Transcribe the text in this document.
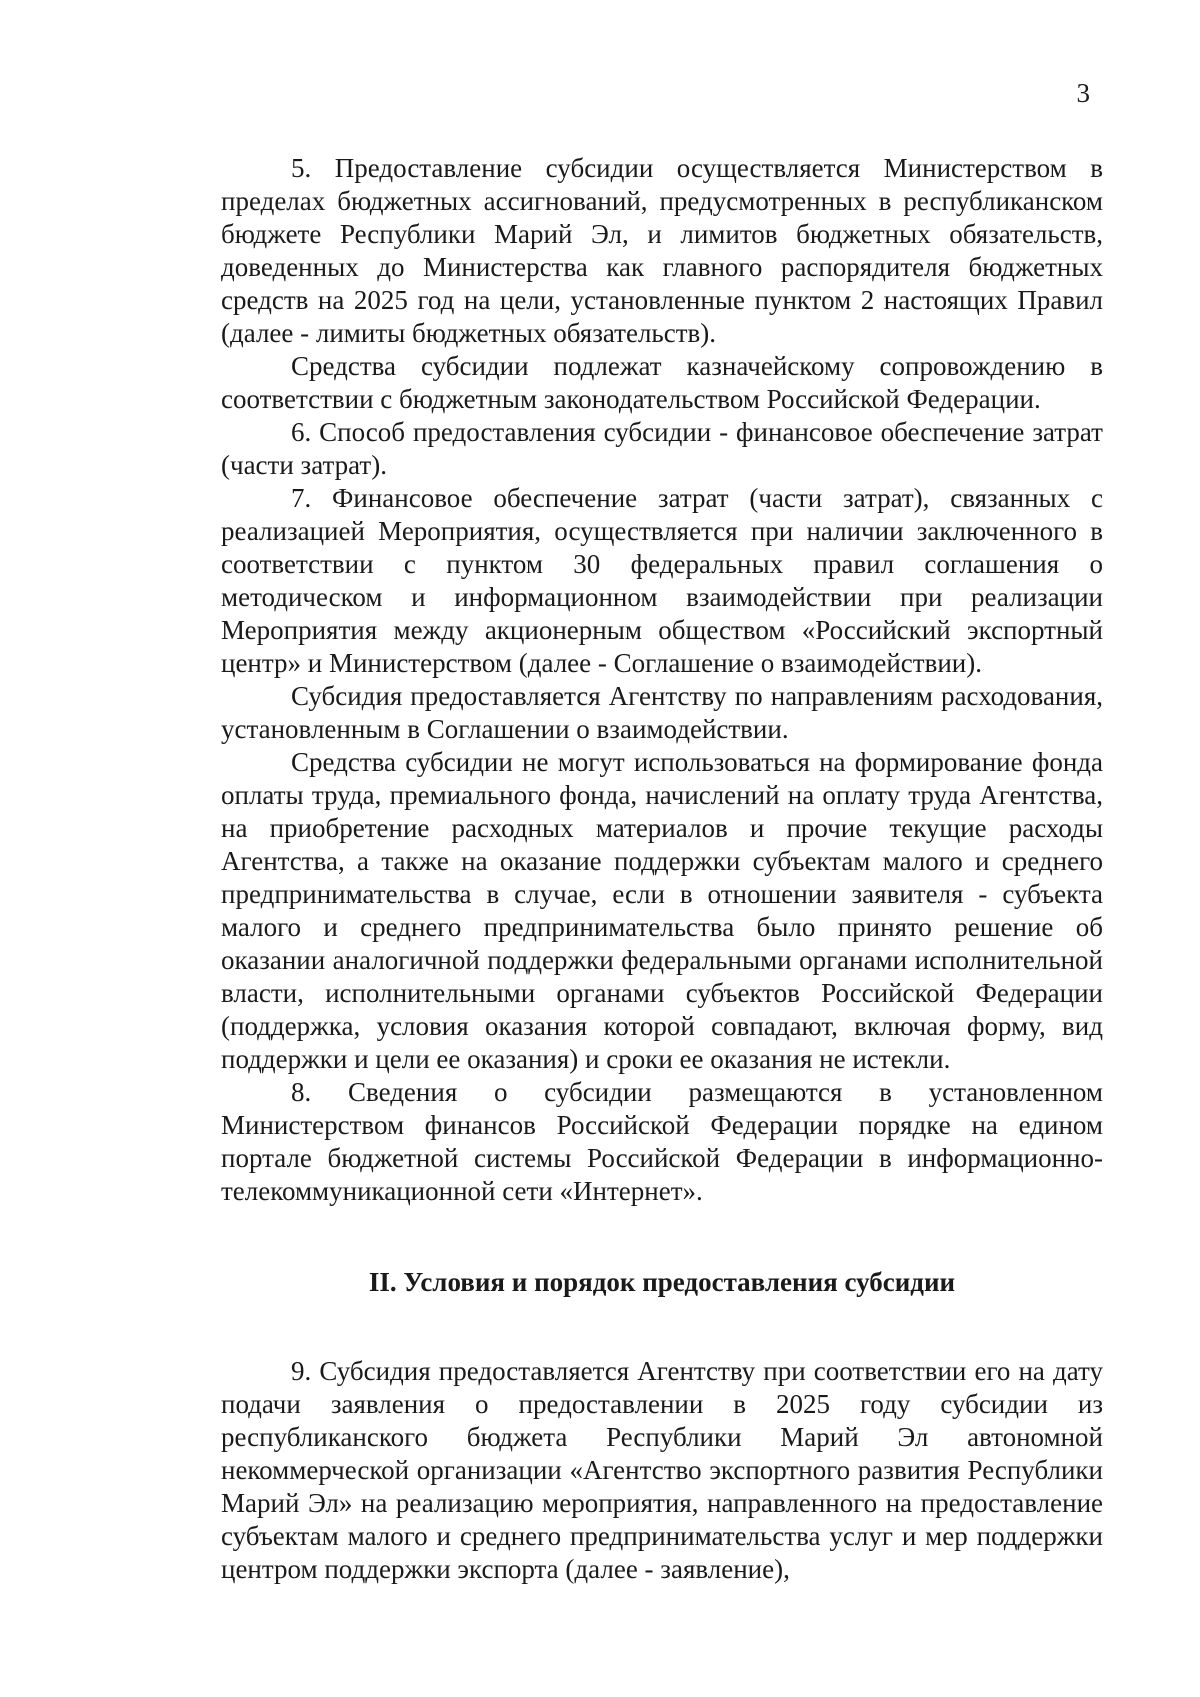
3

5. Предоставление субсидии осуществляется Министерством в пределах бюджетных ассигнований, предусмотренных в республиканском бюджете Республики Марий Эл, и лимитов бюджетных обязательств, доведенных до Министерства как главного распорядителя бюджетных средств на 2025 год на цели, установленные пунктом 2 настоящих Правил (далее - лимиты бюджетных обязательств).

Средства субсидии подлежат казначейскому сопровождению в соответствии с бюджетным законодательством Российской Федерации.

6. Способ предоставления субсидии - финансовое обеспечение затрат (части затрат).

7. Финансовое обеспечение затрат (части затрат), связанных с реализацией Мероприятия, осуществляется при наличии заключенного в соответствии с пунктом 30 федеральных правил соглашения о методическом и информационном взаимодействии при реализации Мероприятия между акционерным обществом «Российский экспортный центр» и Министерством (далее - Соглашение о взаимодействии).

Субсидия предоставляется Агентству по направлениям расходования, установленным в Соглашении о взаимодействии.

Средства субсидии не могут использоваться на формирование фонда оплаты труда, премиального фонда, начислений на оплату труда Агентства, на приобретение расходных материалов и прочие текущие расходы Агентства, а также на оказание поддержки субъектам малого и среднего предпринимательства в случае, если в отношении заявителя - субъекта малого и среднего предпринимательства было принято решение об оказании аналогичной поддержки федеральными органами исполнительной власти, исполнительными органами субъектов Российской Федерации (поддержка, условия оказания которой совпадают, включая форму, вид поддержки и цели ее оказания) и сроки ее оказания не истекли.

8. Сведения о субсидии размещаются в установленном Министерством финансов Российской Федерации порядке на едином портале бюджетной системы Российской Федерации в информационно-телекоммуникационной сети «Интернет».

II. Условия и порядок предоставления субсидии

9. Субсидия предоставляется Агентству при соответствии его на дату подачи заявления о предоставлении в 2025 году субсидии из республиканского бюджета Республики Марий Эл автономной некоммерческой организации «Агентство экспортного развития Республики Марий Эл» на реализацию мероприятия, направленного на предоставление субъектам малого и среднего предпринимательства услуг и мер поддержки центром поддержки экспорта (далее - заявление),
